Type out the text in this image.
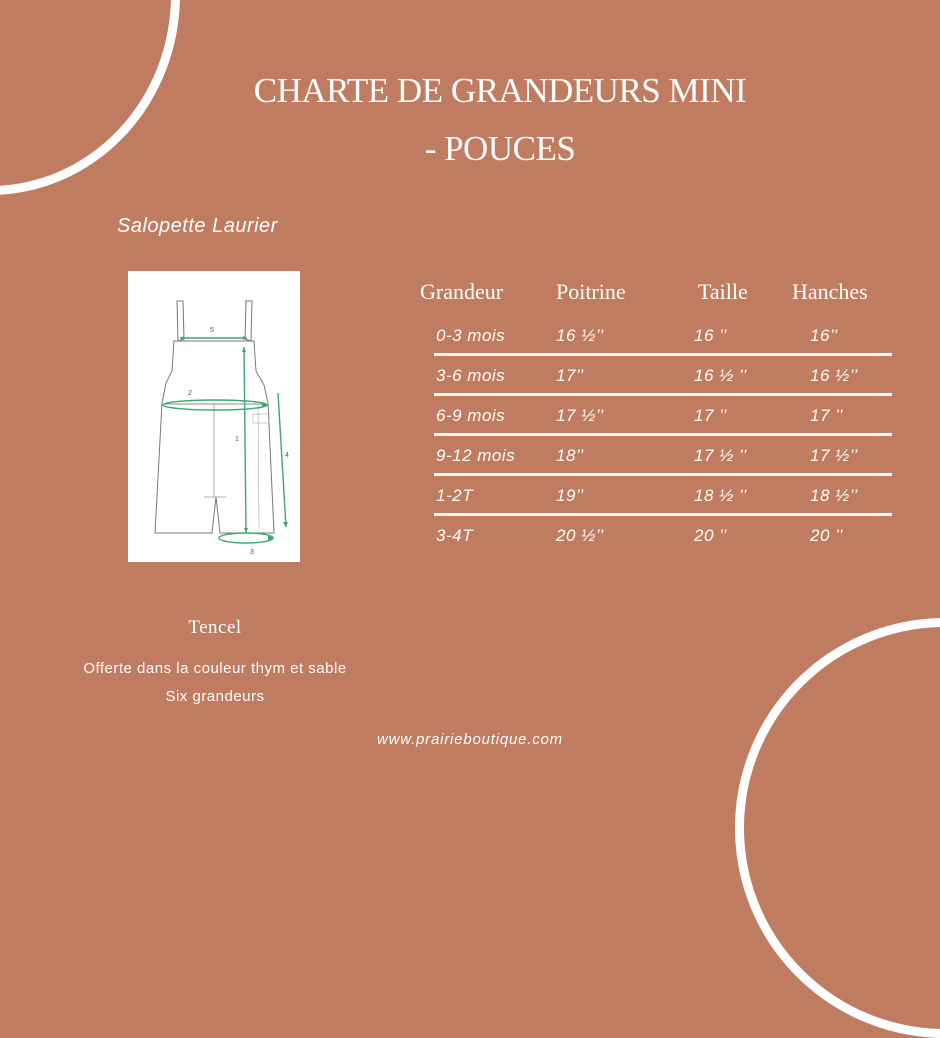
CHARTE DE GRANDEURS MINI
- POUCES
Salopette Laurier
5
2
1
4
3
Grandeur	Poitrine	Taille	Hanches
0-3 mois	16 ½’’	16 ’’	16’’
3-6 mois	17’’	16 ½ ’’	16 ½’’
6-9 mois	17 ½’’	17 ’’	17 ’’
9-12 mois	18’’	17 ½ ’’	17 ½’’
1-2T	19’’	18 ½ ’’	18 ½’’
3-4T	20 ½’’	20 ’’	20 ’’
Tencel
Offerte dans la couleur thym et sable
Six grandeurs
www.prairieboutique.com
